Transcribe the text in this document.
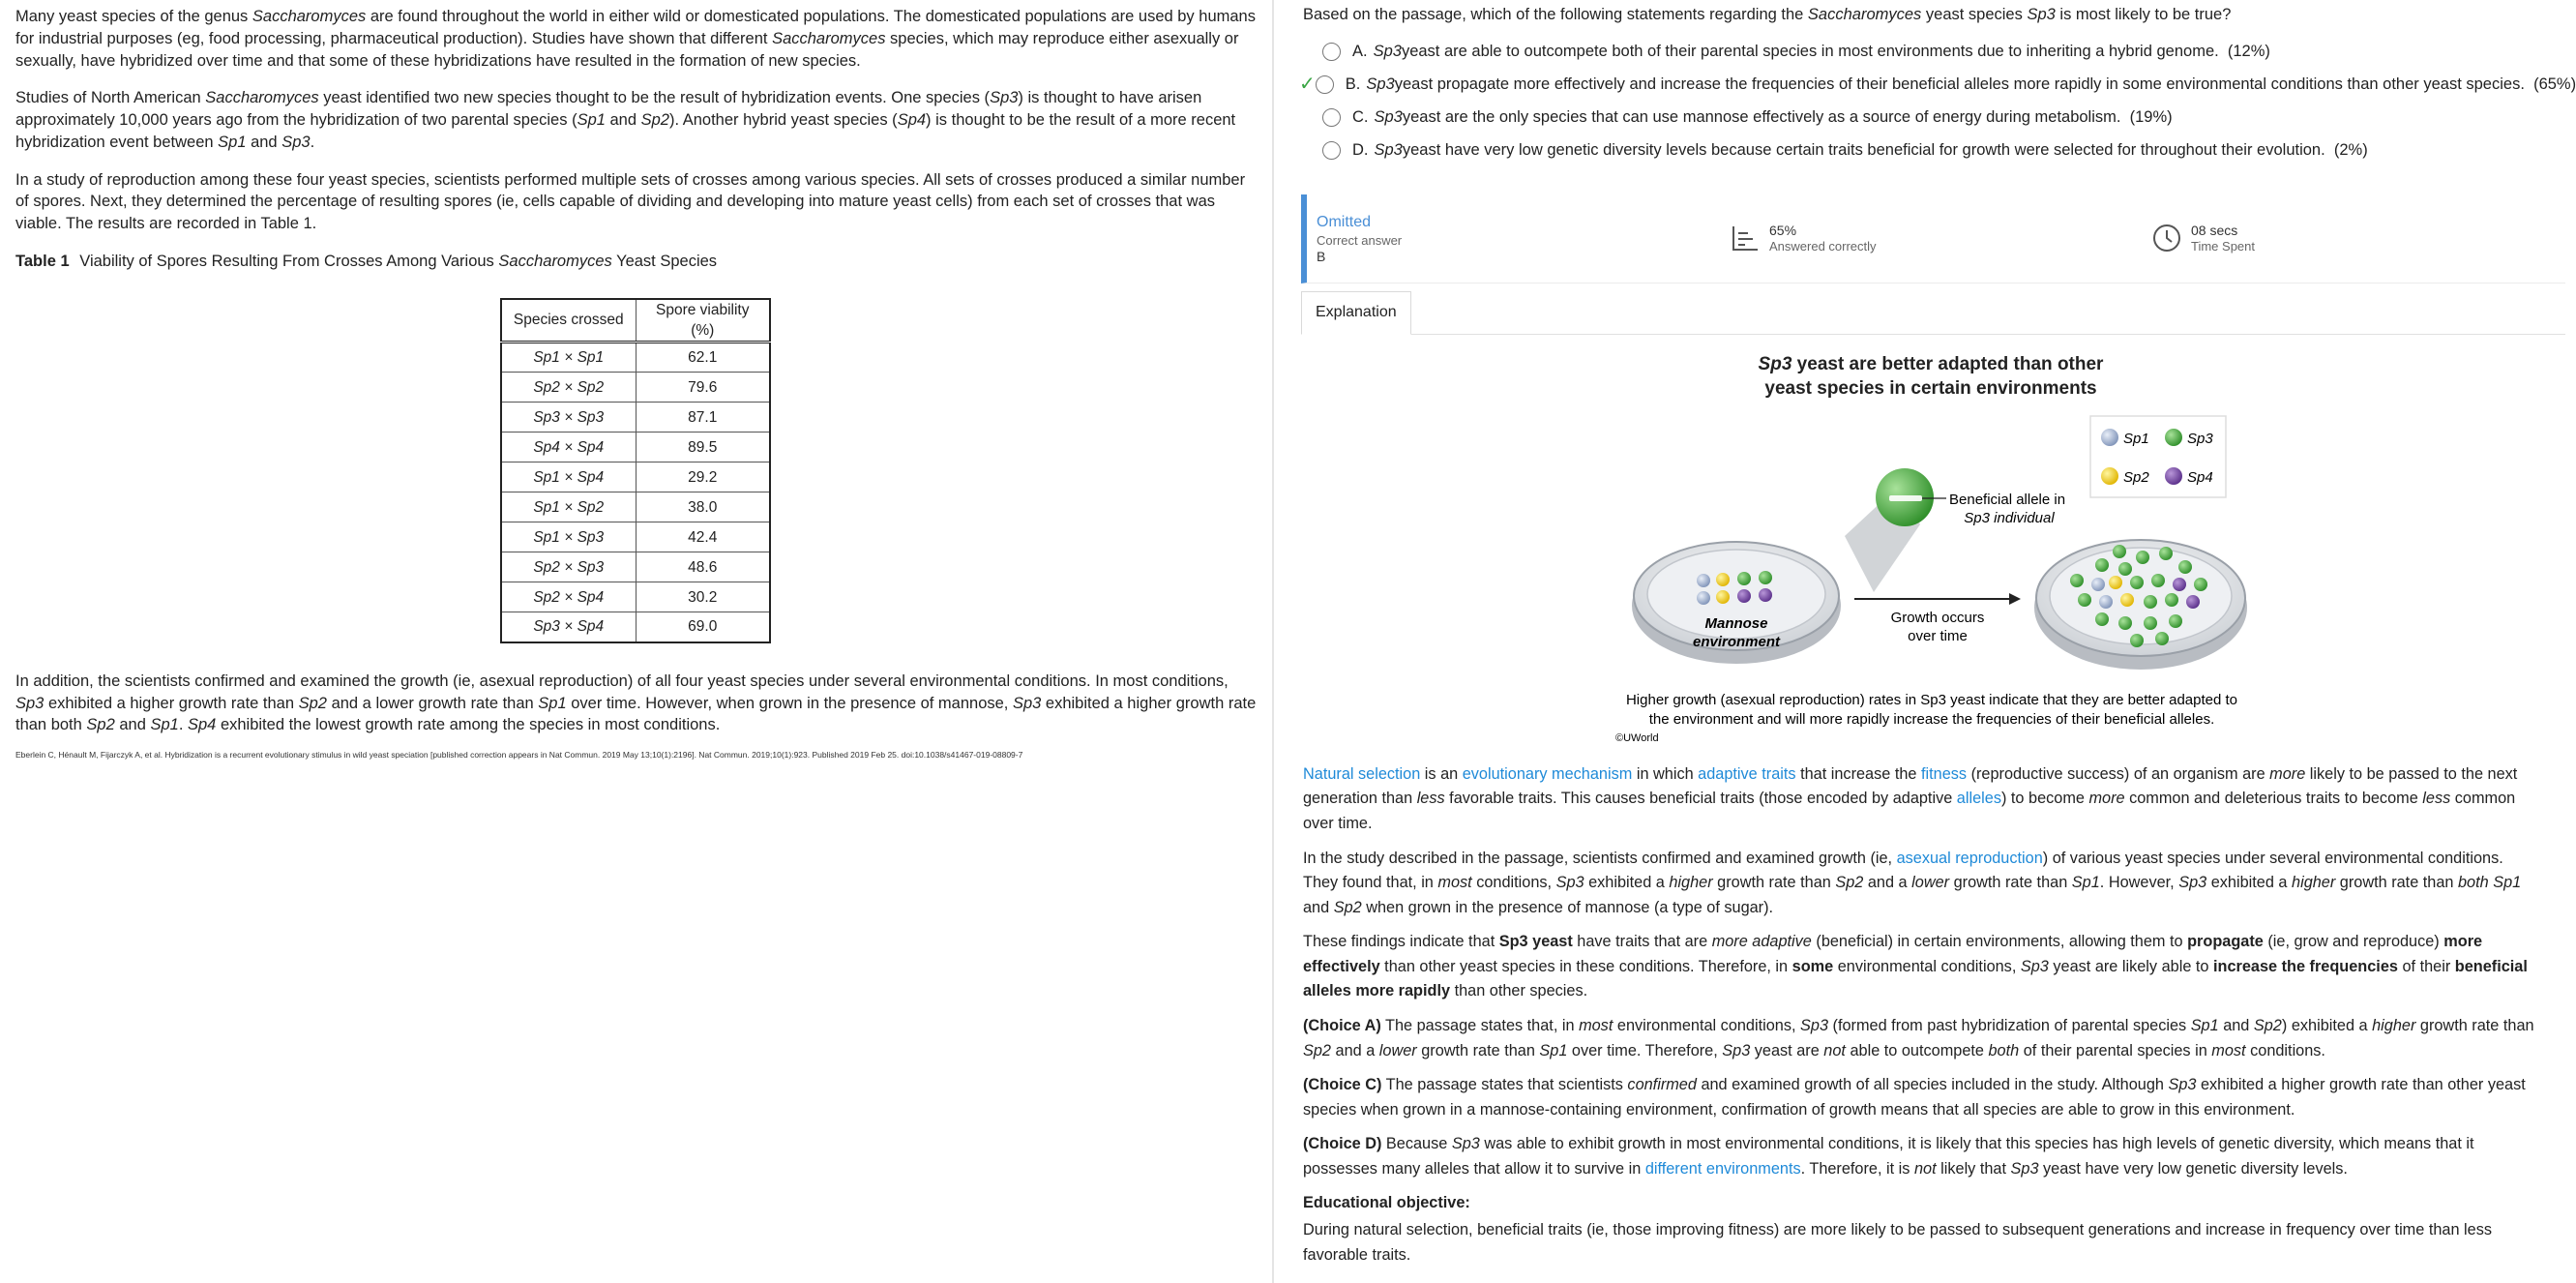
Many yeast species of the genus Saccharomyces are found throughout the world in either wild or domesticated populations. The domesticated populations are used by humans for industrial purposes (eg, food processing, pharmaceutical production). Studies have shown that different Saccharomyces species, which may reproduce either asexually or sexually, have hybridized over time and that some of these hybridizations have resulted in the formation of new species.

Studies of North American Saccharomyces yeast identified two new species thought to be the result of hybridization events. One species (Sp3) is thought to have arisen approximately 10,000 years ago from the hybridization of two parental species (Sp1 and Sp2). Another hybrid yeast species (Sp4) is thought to be the result of a more recent hybridization event between Sp1 and Sp3.

In a study of reproduction among these four yeast species, scientists performed multiple sets of crosses among various species. All sets of crosses produced a similar number of spores. Next, they determined the percentage of resulting spores (ie, cells capable of dividing and developing into mature yeast cells) from each set of crosses that was viable. The results are recorded in Table 1.

Table 1 Viability of Spores Resulting From Crosses Among Various Saccharomyces Yeast Species

Species crossed	Spore viability (%)
Sp1 × Sp1	62.1
Sp2 × Sp2	79.6
Sp3 × Sp3	87.1
Sp4 × Sp4	89.5
Sp1 × Sp4	29.2
Sp1 × Sp2	38.0
Sp1 × Sp3	42.4
Sp2 × Sp3	48.6
Sp2 × Sp4	30.2
Sp3 × Sp4	69.0

In addition, the scientists confirmed and examined the growth (ie, asexual reproduction) of all four yeast species under several environmental conditions. In most conditions, Sp3 exhibited a higher growth rate than Sp2 and a lower growth rate than Sp1 over time. However, when grown in the presence of mannose, Sp3 exhibited a higher growth rate than both Sp2 and Sp1. Sp4 exhibited the lowest growth rate among the species in most conditions.

Eberlein C, Hénault M, Fijarczyk A, et al. Hybridization is a recurrent evolutionary stimulus in wild yeast speciation [published correction appears in Nat Commun. 2019 May 13;10(1):2196]. Nat Commun. 2019;10(1):923. Published 2019 Feb 25. doi:10.1038/s41467-019-08809-7

Based on the passage, which of the following statements regarding the Saccharomyces yeast species Sp3 is most likely to be true?

A. Sp3 yeast are able to outcompete both of their parental species in most environments due to inheriting a hybrid genome.
(12%)
✓ B. Sp3 yeast propagate more effectively and increase the frequencies of their beneficial alleles more rapidly in some environmental conditions than other yeast species.
(65%)
C. Sp3 yeast are the only species that can use mannose effectively as a source of energy during metabolism.
(19%)
D. Sp3 yeast have very low genetic diversity levels because certain traits beneficial for growth were selected for throughout their evolution.
(2%)
Omitted
Correct answer
B
65%
Answered correctly
08 secs
Time Spent
Explanation
Sp3 yeast are better adapted than other
yeast species in certain environments
Sp1	Sp3
Sp2	Sp4
Beneficial allele in
Sp3 individual
Mannose
environment
Growth occurs
over time
Higher growth (asexual reproduction) rates in Sp3 yeast indicate that they are better adapted to
the environment and will more rapidly increase the frequencies of their beneficial alleles.
©UWorld

Natural selection is an evolutionary mechanism in which adaptive traits that increase the fitness (reproductive success) of an organism are more likely to be passed to the next generation than less favorable traits. This causes beneficial traits (those encoded by adaptive alleles) to become more common and deleterious traits to become less common over time.

In the study described in the passage, scientists confirmed and examined growth (ie, asexual reproduction) of various yeast species under several environmental conditions. They found that, in most conditions, Sp3 exhibited a higher growth rate than Sp2 and a lower growth rate than Sp1. However, Sp3 exhibited a higher growth rate than both Sp1 and Sp2 when grown in the presence of mannose (a type of sugar).

These findings indicate that Sp3 yeast have traits that are more adaptive (beneficial) in certain environments, allowing them to propagate (ie, grow and reproduce) more effectively than other yeast species in these conditions. Therefore, in some environmental conditions, Sp3 yeast are likely able to increase the frequencies of their beneficial alleles more rapidly than other species.

(Choice A) The passage states that, in most environmental conditions, Sp3 (formed from past hybridization of parental species Sp1 and Sp2) exhibited a higher growth rate than Sp2 and a lower growth rate than Sp1 over time. Therefore, Sp3 yeast are not able to outcompete both of their parental species in most conditions.

(Choice C) The passage states that scientists confirmed and examined growth of all species included in the study. Although Sp3 exhibited a higher growth rate than other yeast species when grown in a mannose-containing environment, confirmation of growth means that all species are able to grow in this environment.

(Choice D) Because Sp3 was able to exhibit growth in most environmental conditions, it is likely that this species has high levels of genetic diversity, which means that it possesses many alleles that allow it to survive in different environments. Therefore, it is not likely that Sp3 yeast have very low genetic diversity levels.

Educational objective:

During natural selection, beneficial traits (ie, those improving fitness) are more likely to be passed to subsequent generations and increase in frequency over time than less favorable traits.
